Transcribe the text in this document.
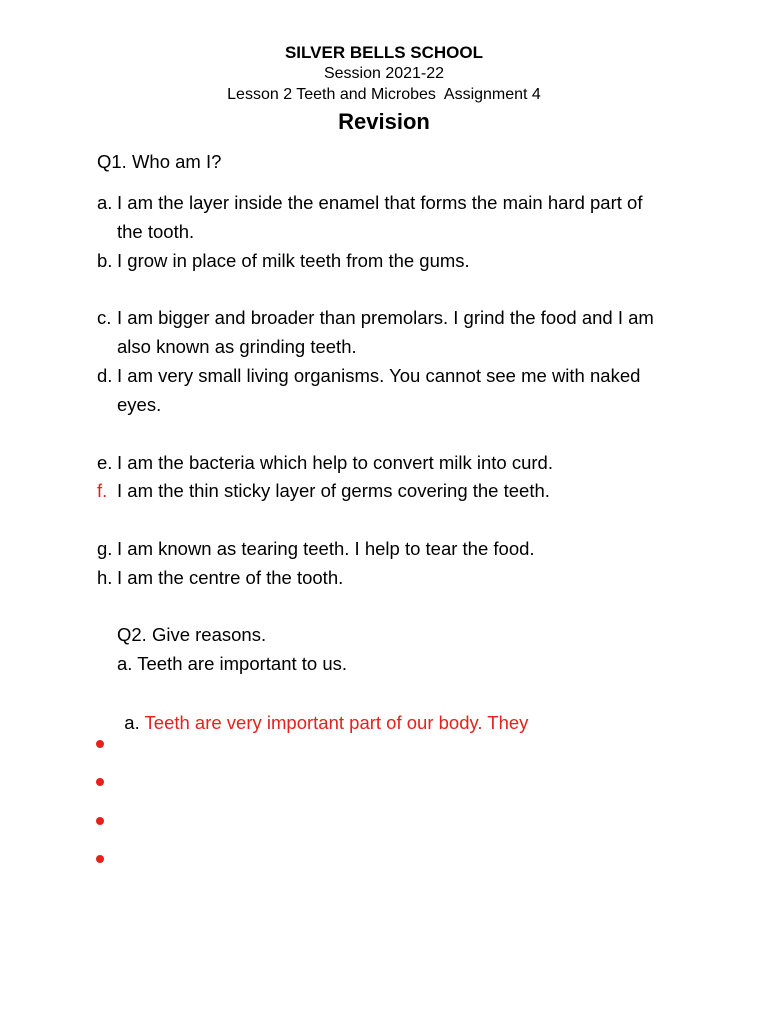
SILVER BELLS SCHOOL
Session 2021-22
Lesson 2 Teeth and Microbes  Assignment 4
Revision
Q1. Who am I?
a. I am the layer inside the enamel that forms the main hard part of
the tooth.
b. I grow in place of milk teeth from the gums.
c. I am bigger and broader than premolars. I grind the food and I am
also known as grinding teeth.
d. I am very small living organisms. You cannot see me with naked
eyes.
e. I am the bacteria which help to convert milk into curd.
f. I am the thin sticky layer of germs covering the teeth.
g. I am known as tearing teeth. I help to tear the food.
h. I am the centre of the tooth.
Q2. Give reasons.
a. Teeth are important to us.

a. Teeth are very important part of our body. They
